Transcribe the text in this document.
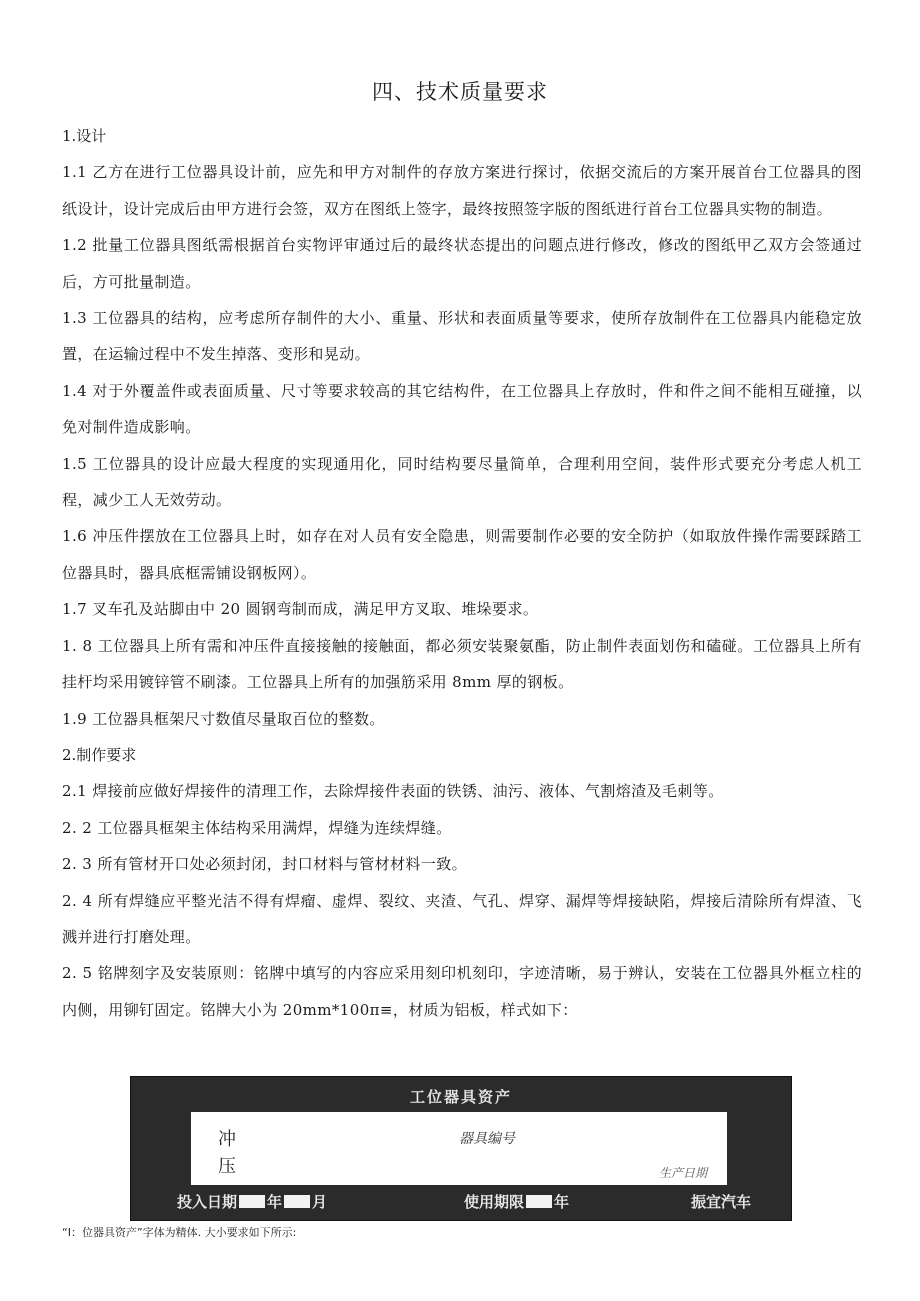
四、技术质量要求

1.设计

1.1 乙方在进行工位器具设计前，应先和甲方对制件的存放方案进行探讨，依据交流后的方案开展首台工位器具的图纸设计，设计完成后由甲方进行会签，双方在图纸上签字，最终按照签字版的图纸进行首台工位器具实物的制造。

1.2 批量工位器具图纸需根据首台实物评审通过后的最终状态提出的问题点进行修改，修改的图纸甲乙双方会签通过后，方可批量制造。

1.3 工位器具的结构，应考虑所存制件的大小、重量、形状和表面质量等要求，使所存放制件在工位器具内能稳定放置，在运输过程中不发生掉落、变形和晃动。

1.4 对于外覆盖件或表面质量、尺寸等要求较高的其它结构件，在工位器具上存放时，件和件之间不能相互碰撞，以免对制件造成影响。

1.5 工位器具的设计应最大程度的实现通用化，同时结构要尽量简单，合理利用空间，装件形式要充分考虑人机工程，减少工人无效劳动。

1.6 冲压件摆放在工位器具上时，如存在对人员有安全隐患，则需要制作必要的安全防护（如取放件操作需要踩踏工位器具时，器具底框需铺设钢板网）。

1.7 叉车孔及站脚由中 20 圆钢弯制而成，满足甲方叉取、堆垛要求。

1. 8 工位器具上所有需和冲压件直接接触的接触面，都必须安装聚氨酯，防止制件表面划伤和磕碰。工位器具上所有挂杆均采用镀锌管不刷漆。工位器具上所有的加强筋采用 8mm 厚的钢板。

1.9 工位器具框架尺寸数值尽量取百位的整数。

2.制作要求

2.1 焊接前应做好焊接件的清理工作，去除焊接件表面的铁锈、油污、液体、气割熔渣及毛刺等。

2. 2 工位器具框架主体结构采用满焊，焊缝为连续焊缝。

2. 3 所有管材开口处必须封闭，封口材料与管材材料一致。

2. 4 所有焊缝应平整光洁不得有焊瘤、虚焊、裂纹、夹渣、气孔、焊穿、漏焊等焊接缺陷，焊接后清除所有焊渣、飞溅并进行打磨处理。

2. 5 铭牌刻字及安装原则：铭牌中填写的内容应采用刻印机刻印，字迹清晰，易于辨认，安装在工位器具外框立柱的内侧，用铆钉固定。铭牌大小为 20mm*100π≡，材质为铝板，样式如下：

工位器具资产
冲
压
器具编号
生产日期
投入日期 年 月	使用期限 年	振宜汽车
“I：位器具资产”字体为精体. 大小要求如下所示:
